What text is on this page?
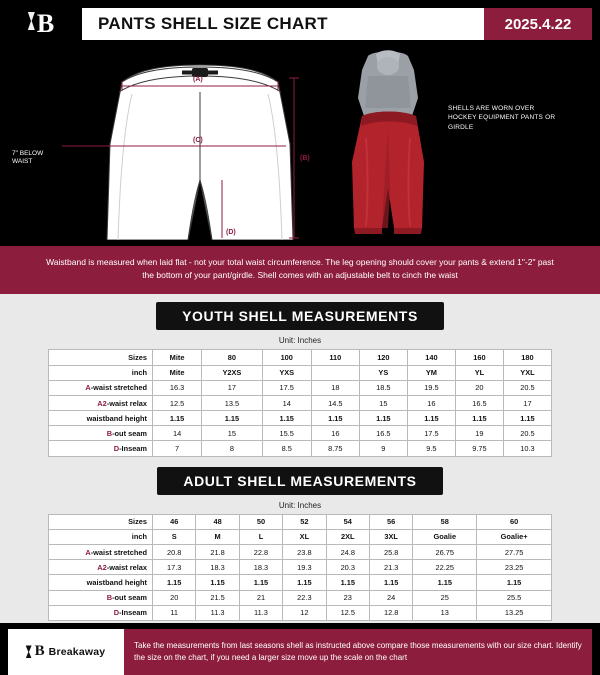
B	PANTS SHELL SIZE CHART	2025.4.22
7" BELOW
WAIST
(A)
(C)
(B)
(D)
SHELLS ARE WORN OVER HOCKEY EQUIPMENT PANTS OR GIRDLE
Waistband is measured when laid flat - not your total waist circumference. The leg opening should cover your pants & extend 1"-2" past the bottom of your pant/girdle. Shell comes with an adjustable belt to cinch the waist
YOUTH SHELL MEASUREMENTS
Unit: Inches
Sizes	Mite	80	100	110	120	140	160	180
inch	Mite	Y2XS	YXS		YS	YM	YL	YXL
A-waist stretched	16.3	17	17.5	18	18.5	19.5	20	20.5
A2-waist relax	12.5	13.5	14	14.5	15	16	16.5	17
waistband height	1.15	1.15	1.15	1.15	1.15	1.15	1.15	1.15
B-out seam	14	15	15.5	16	16.5	17.5	19	20.5
D-Inseam	7	8	8.5	8.75	9	9.5	9.75	10.3
ADULT SHELL MEASUREMENTS
Unit: Inches
Sizes	46	48	50	52	54	56	58	60
inch	S	M	L	XL	2XL	3XL	Goalie	Goalie+
A-waist stretched	20.8	21.8	22.8	23.8	24.8	25.8	26.75	27.75
A2-waist relax	17.3	18.3	18.3	19.3	20.3	21.3	22.25	23.25
waistband height	1.15	1.15	1.15	1.15	1.15	1.15	1.15	1.15
B-out seam	20	21.5	21	22.3	23	24	25	25.5
D-Inseam	11	11.3	11.3	12	12.5	12.8	13	13.25
B Breakaway
Take the measurements from last seasons shell as instructed above compare those measurements with our size chart. Identify the size on the chart, if you need a larger size move up the scale on the chart
